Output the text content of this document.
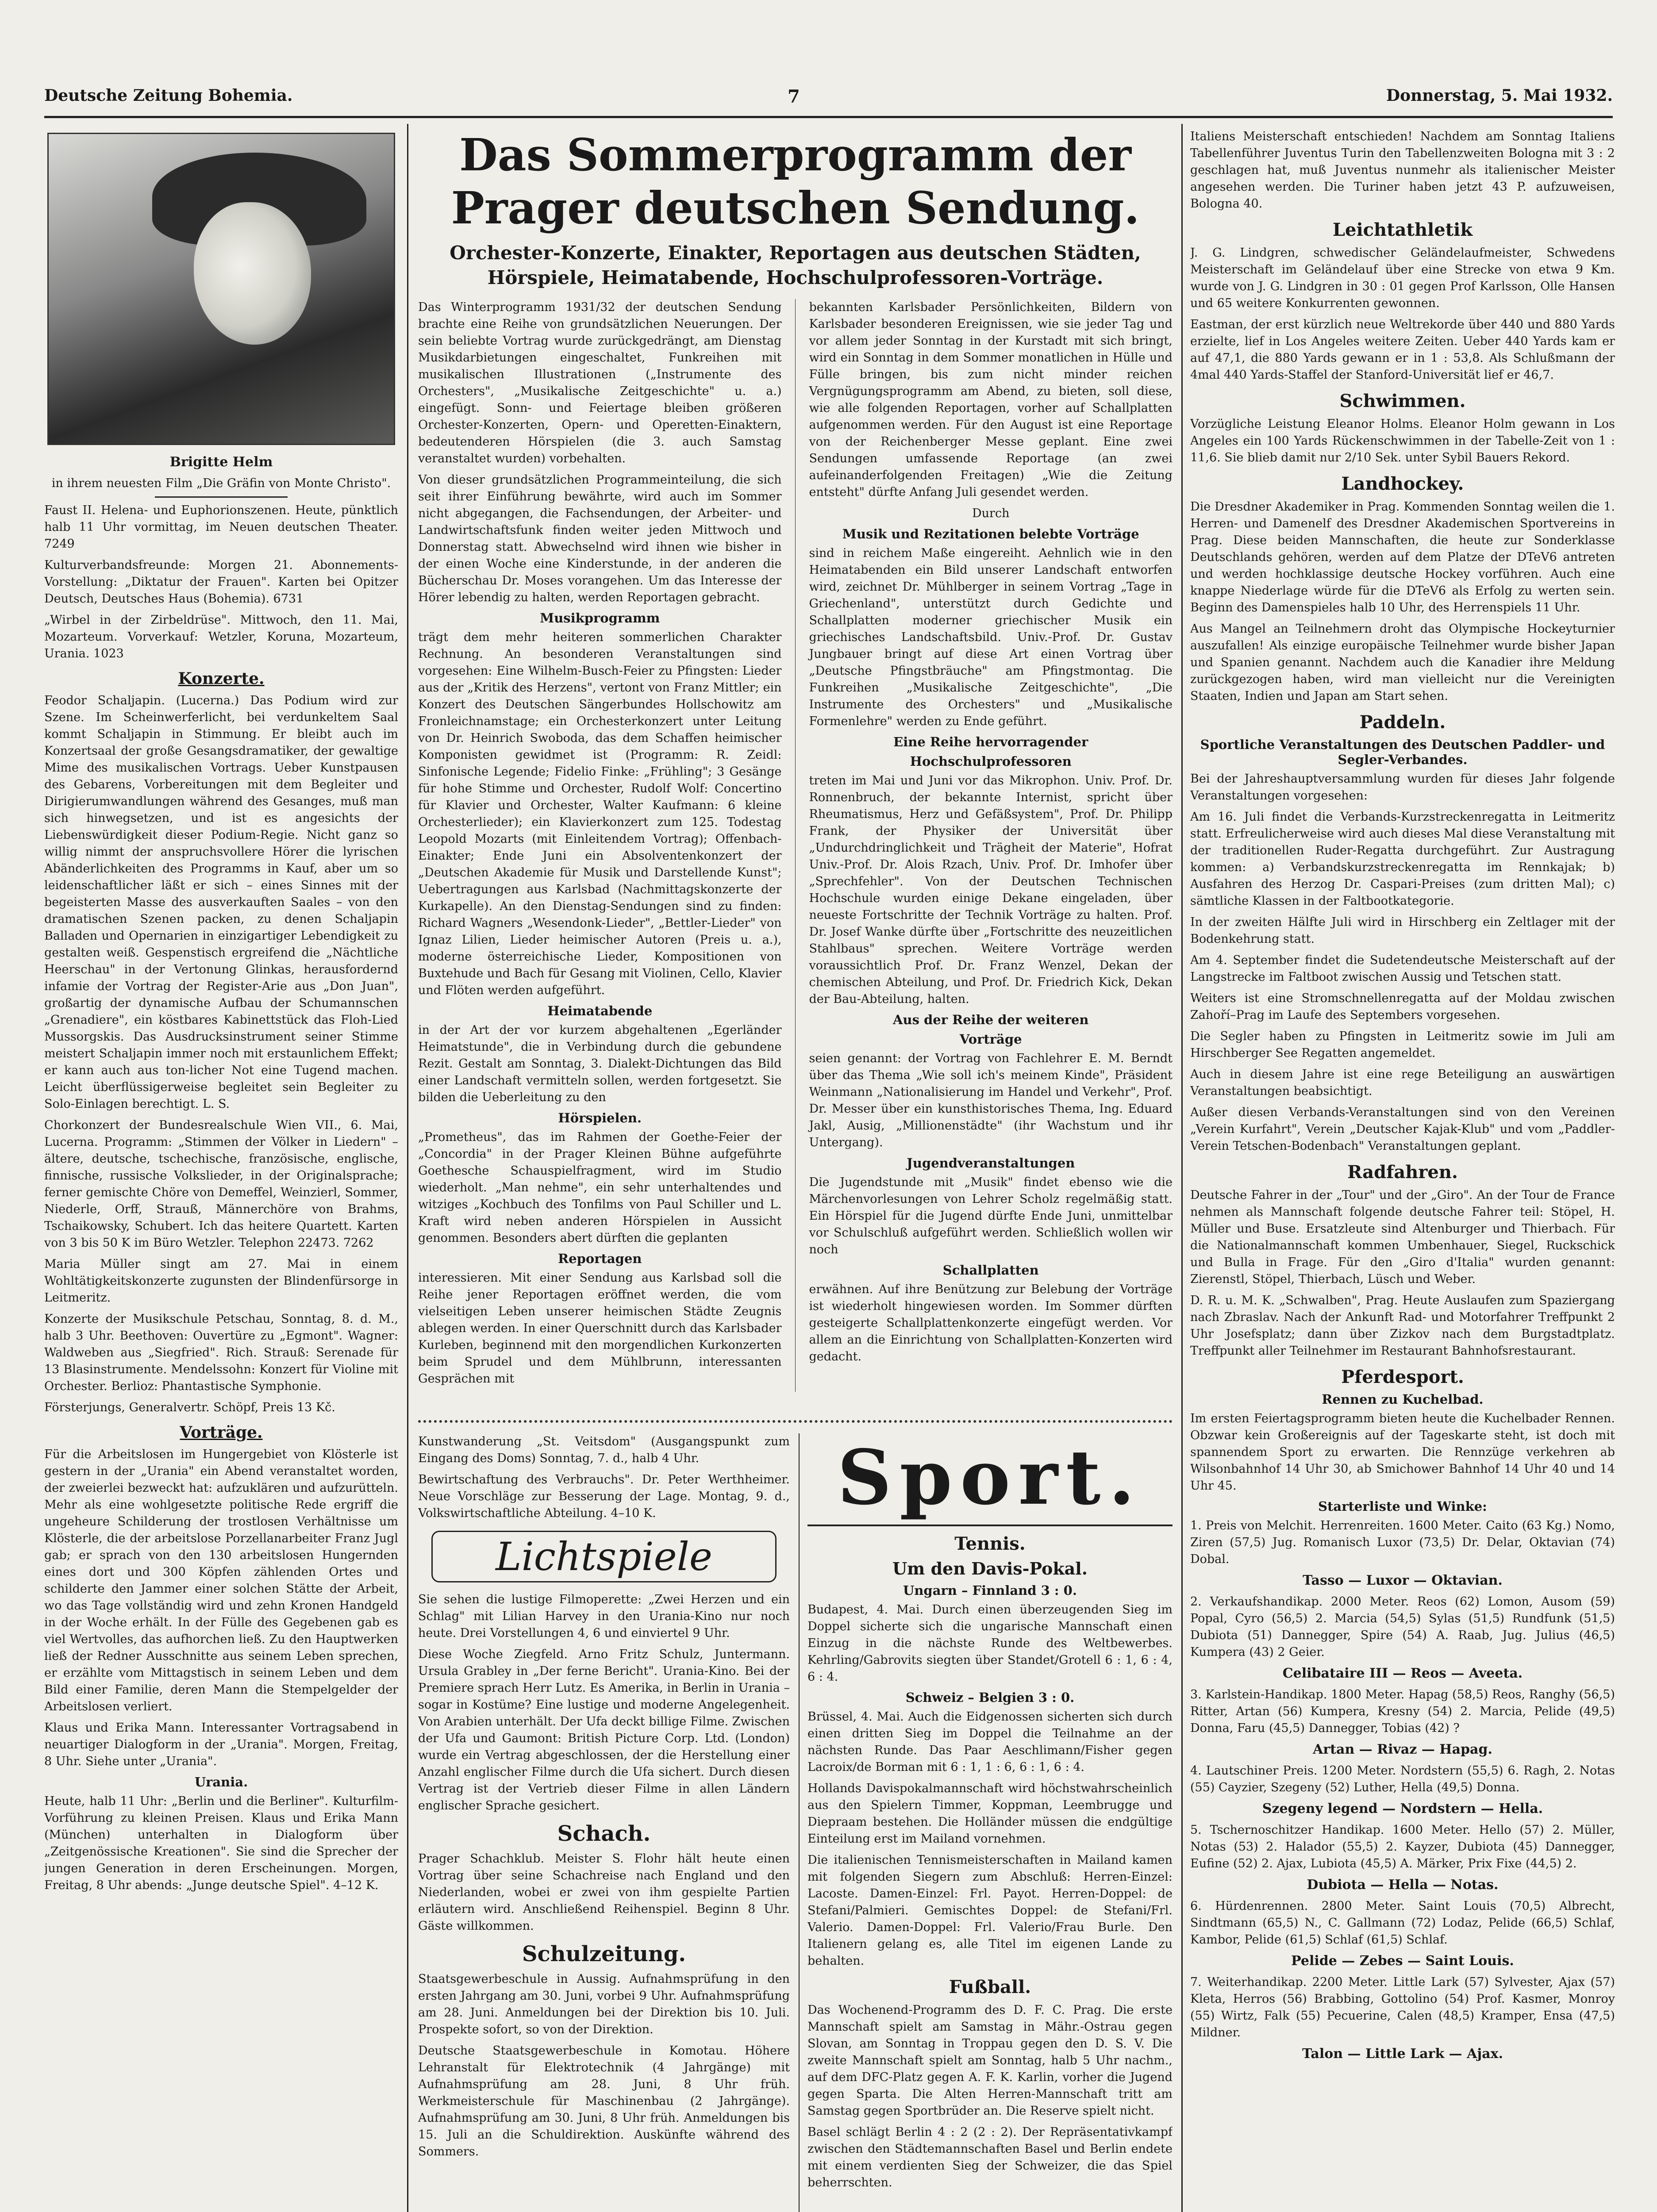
Deutsche Zeitung Bohemia.	7	Donnerstag, 5. Mai 1932.

Brigitte Helm

in ihrem neuesten Film „Die Gräfin von Monte Christo".

Faust II. Helena- und Euphorionszenen. Heute, pünktlich halb 11 Uhr vormittag, im Neuen deutschen Theater. 7249

Kulturverbandsfreunde: Morgen 21. Abonnements-Vorstellung: „Diktatur der Frauen". Karten bei Opitzer Deutsch, Deutsches Haus (Bohemia). 6731

„Wirbel in der Zirbeldrüse". Mittwoch, den 11. Mai, Mozarteum. Vorverkauf: Wetzler, Koruna, Mozarteum, Urania. 1023

Konzerte.

Feodor Schaljapin. (Lucerna.) Das Podium wird zur Szene. Im Scheinwerferlicht, bei verdunkeltem Saal kommt Schaljapin in Stimmung. Er bleibt auch im Konzertsaal der große Gesangsdramatiker, der gewaltige Mime des musikalischen Vortrags. Ueber Kunstpausen des Gebarens, Vorbereitungen mit dem Begleiter und Dirigierumwandlungen während des Gesanges, muß man sich hinwegsetzen, und ist es angesichts der Liebenswürdigkeit dieser Podium-Regie. Nicht ganz so willig nimmt der anspruchsvollere Hörer die lyrischen Abänderlichkeiten des Programms in Kauf, aber um so leidenschaftlicher läßt er sich – eines Sinnes mit der begeisterten Masse des ausverkauften Saales – von den dramatischen Szenen packen, zu denen Schaljapin Balladen und Opernarien in einzigartiger Lebendigkeit zu gestalten weiß. Gespenstisch ergreifend die „Nächtliche Heerschau" in der Vertonung Glinkas, herausfordernd infamie der Vortrag der Register-Arie aus „Don Juan", großartig der dynamische Aufbau der Schumannschen „Grenadiere", ein köstbares Kabinettstück das Floh-Lied Mussorgskis. Das Ausdrucksinstrument seiner Stimme meistert Schaljapin immer noch mit erstaunlichem Effekt; er kann auch aus ton-licher Not eine Tugend machen. Leicht überflüssigerweise begleitet sein Begleiter zu Solo-Einlagen berechtigt. L. S.

Chorkonzert der Bundesrealschule Wien VII., 6. Mai, Lucerna. Programm: „Stimmen der Völker in Liedern" – ältere, deutsche, tschechische, französische, englische, finnische, russische Volkslieder, in der Originalsprache; ferner gemischte Chöre von Demeffel, Weinzierl, Sommer, Niederle, Orff, Strauß, Männerchöre von Brahms, Tschaikowsky, Schubert. Ich das heitere Quartett. Karten von 3 bis 50 K im Büro Wetzler. Telephon 22473. 7262

Maria Müller singt am 27. Mai in einem Wohltätigkeitskonzerte zugunsten der Blindenfürsorge in Leitmeritz.

Konzerte der Musikschule Petschau, Sonntag, 8. d. M., halb 3 Uhr. Beethoven: Ouvertüre zu „Egmont". Wagner: Waldweben aus „Siegfried". Rich. Strauß: Serenade für 13 Blasinstrumente. Mendelssohn: Konzert für Violine mit Orchester. Berlioz: Phantastische Symphonie.

Försterjungs, Generalvertr. Schöpf, Preis 13 Kč.

Vorträge.

Für die Arbeitslosen im Hungergebiet von Klösterle ist gestern in der „Urania" ein Abend veranstaltet worden, der zweierlei bezweckt hat: aufzuklären und aufzurütteln. Mehr als eine wohlgesetzte politische Rede ergriff die ungeheure Schilderung der trostlosen Verhältnisse um Klösterle, die der arbeitslose Porzellanarbeiter Franz Jugl gab; er sprach von den 130 arbeitslosen Hungernden eines dort und 300 Köpfen zählenden Ortes und schilderte den Jammer einer solchen Stätte der Arbeit, wo das Tage vollständig wird und zehn Kronen Handgeld in der Woche erhält. In der Fülle des Gegebenen gab es viel Wertvolles, das aufhorchen ließ. Zu den Hauptwerken ließ der Redner Ausschnitte aus seinem Leben sprechen, er erzählte vom Mittagstisch in seinem Leben und dem Bild einer Familie, deren Mann die Stempelgelder der Arbeitslosen verliert.

Klaus und Erika Mann. Interessanter Vortragsabend in neuartiger Dialogform in der „Urania". Morgen, Freitag, 8 Uhr. Siehe unter „Urania".

Urania.

Heute, halb 11 Uhr: „Berlin und die Berliner". Kulturfilm-Vorführung zu kleinen Preisen. Klaus und Erika Mann (München) unterhalten in Dialogform über „Zeitgenössische Kreationen". Sie sind die Sprecher der jungen Generation in deren Erscheinungen. Morgen, Freitag, 8 Uhr abends: „Junge deutsche Spiel". 4–12 K.

Das Sommerprogramm der Prager deutschen Sendung.
Orchester-Konzerte, Einakter, Reportagen aus deutschen Städten, Hörspiele, Heimatabende, Hochschulprofessoren-Vorträge.

Das Winterprogramm 1931/32 der deutschen Sendung brachte eine Reihe von grundsätzlichen Neuerungen. Der sein beliebte Vortrag wurde zurückgedrängt, am Dienstag Musikdarbietungen eingeschaltet, Funkreihen mit musikalischen Illustrationen („Instrumente des Orchesters", „Musikalische Zeitgeschichte" u. a.) eingefügt. Sonn- und Feiertage bleiben größeren Orchester-Konzerten, Opern- und Operetten-Einaktern, bedeutenderen Hörspielen (die 3. auch Samstag veranstaltet wurden) vorbehalten.

Von dieser grundsätzlichen Programmeinteilung, die sich seit ihrer Einführung bewährte, wird auch im Sommer nicht abgegangen, die Fachsendungen, der Arbeiter- und Landwirtschaftsfunk finden weiter jeden Mittwoch und Donnerstag statt. Abwechselnd wird ihnen wie bisher in der einen Woche eine Kinderstunde, in der anderen die Bücherschau Dr. Moses vorangehen. Um das Interesse der Hörer lebendig zu halten, werden Reportagen gebracht.

Musikprogramm

trägt dem mehr heiteren sommerlichen Charakter Rechnung. An besonderen Veranstaltungen sind vorgesehen: Eine Wilhelm-Busch-Feier zu Pfingsten: Lieder aus der „Kritik des Herzens", vertont von Franz Mittler; ein Konzert des Deutschen Sängerbundes Hollschowitz am Fronleichnamstage; ein Orchesterkonzert unter Leitung von Dr. Heinrich Swoboda, das dem Schaffen heimischer Komponisten gewidmet ist (Programm: R. Zeidl: Sinfonische Legende; Fidelio Finke: „Frühling"; 3 Gesänge für hohe Stimme und Orchester, Rudolf Wolf: Concertino für Klavier und Orchester, Walter Kaufmann: 6 kleine Orchesterlieder); ein Klavierkonzert zum 125. Todestag Leopold Mozarts (mit Einleitendem Vortrag); Offenbach-Einakter; Ende Juni ein Absolventenkonzert der „Deutschen Akademie für Musik und Darstellende Kunst"; Uebertragungen aus Karlsbad (Nachmittagskonzerte der Kurkapelle). An den Dienstag-Sendungen sind zu finden: Richard Wagners „Wesendonk-Lieder", „Bettler-Lieder" von Ignaz Lilien, Lieder heimischer Autoren (Preis u. a.), moderne österreichische Lieder, Kompositionen von Buxtehude und Bach für Gesang mit Violinen, Cello, Klavier und Flöten werden aufgeführt.

Heimatabende

in der Art der vor kurzem abgehaltenen „Egerländer Heimatstunde", die in Verbindung durch die gebundene Rezit. Gestalt am Sonntag, 3. Dialekt-Dichtungen das Bild einer Landschaft vermitteln sollen, werden fortgesetzt. Sie bilden die Ueberleitung zu den

Hörspielen.

„Prometheus", das im Rahmen der Goethe-Feier der „Concordia" in der Prager Kleinen Bühne aufgeführte Goethesche Schauspielfragment, wird im Studio wiederholt. „Man nehme", ein sehr unterhaltendes und witziges „Kochbuch des Tonfilms von Paul Schiller und L. Kraft wird neben anderen Hörspielen in Aussicht genommen. Besonders abert dürften die geplanten

Reportagen

interessieren. Mit einer Sendung aus Karlsbad soll die Reihe jener Reportagen eröffnet werden, die vom vielseitigen Leben unserer heimischen Städte Zeugnis ablegen werden. In einer Querschnitt durch das Karlsbader Kurleben, beginnend mit den morgendlichen Kurkonzerten beim Sprudel und dem Mühlbrunn, interessanten Gesprächen mit

bekannten Karlsbader Persönlichkeiten, Bildern von Karlsbader besonderen Ereignissen, wie sie jeder Tag und vor allem jeder Sonntag in der Kurstadt mit sich bringt, wird ein Sonntag in dem Sommer monatlichen in Hülle und Fülle bringen, bis zum nicht minder reichen Vergnügungsprogramm am Abend, zu bieten, soll diese, wie alle folgenden Reportagen, vorher auf Schallplatten aufgenommen werden. Für den August ist eine Reportage von der Reichenberger Messe geplant. Eine zwei Sendungen umfassende Reportage (an zwei aufeinanderfolgenden Freitagen) „Wie die Zeitung entsteht" dürfte Anfang Juli gesendet werden.

Durch

Musik und Rezitationen belebte Vorträge

sind in reichem Maße eingereiht. Aehnlich wie in den Heimatabenden ein Bild unserer Landschaft entworfen wird, zeichnet Dr. Mühlberger in seinem Vortrag „Tage in Griechenland", unterstützt durch Gedichte und Schallplatten moderner griechischer Musik ein griechisches Landschaftsbild. Univ.-Prof. Dr. Gustav Jungbauer bringt auf diese Art einen Vortrag über „Deutsche Pfingstbräuche" am Pfingstmontag. Die Funkreihen „Musikalische Zeitgeschichte", „Die Instrumente des Orchesters" und „Musikalische Formenlehre" werden zu Ende geführt.

Eine Reihe hervorragender
Hochschulprofessoren

treten im Mai und Juni vor das Mikrophon. Univ. Prof. Dr. Ronnenbruch, der bekannte Internist, spricht über Rheumatismus, Herz und Gefäßsystem", Prof. Dr. Philipp Frank, der Physiker der Universität über „Undurchdringlichkeit und Trägheit der Materie", Hofrat Univ.-Prof. Dr. Alois Rzach, Univ. Prof. Dr. Imhofer über „Sprechfehler". Von der Deutschen Technischen Hochschule wurden einige Dekane eingeladen, über neueste Fortschritte der Technik Vorträge zu halten. Prof. Dr. Josef Wanke dürfte über „Fortschritte des neuzeitlichen Stahlbaus" sprechen. Weitere Vorträge werden voraussichtlich Prof. Dr. Franz Wenzel, Dekan der chemischen Abteilung, und Prof. Dr. Friedrich Kick, Dekan der Bau-Abteilung, halten.

Aus der Reihe der weiteren
Vorträge

seien genannt: der Vortrag von Fachlehrer E. M. Berndt über das Thema „Wie soll ich's meinem Kinde", Präsident Weinmann „Nationalisierung im Handel und Verkehr", Prof. Dr. Messer über ein kunsthistorisches Thema, Ing. Eduard Jakl, Ausig, „Millionenstädte" (ihr Wachstum und ihr Untergang).

Jugendveranstaltungen

Die Jugendstunde mit „Musik" findet ebenso wie die Märchenvorlesungen von Lehrer Scholz regelmäßig statt. Ein Hörspiel für die Jugend dürfte Ende Juni, unmittelbar vor Schulschluß aufgeführt werden. Schließlich wollen wir noch

Schallplatten

erwähnen. Auf ihre Benützung zur Belebung der Vorträge ist wiederholt hingewiesen worden. Im Sommer dürften gesteigerte Schallplattenkonzerte eingefügt werden. Vor allem an die Einrichtung von Schallplatten-Konzerten wird gedacht.

Kunstwanderung „St. Veitsdom" (Ausgangspunkt zum Eingang des Doms) Sonntag, 7. d., halb 4 Uhr.

Bewirtschaftung des Verbrauchs". Dr. Peter Werthheimer. Neue Vorschläge zur Besserung der Lage. Montag, 9. d., Volkswirtschaftliche Abteilung. 4–10 K.

Lichtspiele

Sie sehen die lustige Filmoperette: „Zwei Herzen und ein Schlag" mit Lilian Harvey in den Urania-Kino nur noch heute. Drei Vorstellungen 4, 6 und einviertel 9 Uhr.

Diese Woche Ziegfeld. Arno Fritz Schulz, Juntermann. Ursula Grabley in „Der ferne Bericht". Urania-Kino. Bei der Premiere sprach Herr Lutz. Es Amerika, in Berlin in Urania – sogar in Kostüme? Eine lustige und moderne Angelegenheit. Von Arabien unterhält. Der Ufa deckt billige Filme. Zwischen der Ufa und Gaumont: British Picture Corp. Ltd. (London) wurde ein Vertrag abgeschlossen, der die Herstellung einer Anzahl englischer Filme durch die Ufa sichert. Durch diesen Vertrag ist der Vertrieb dieser Filme in allen Ländern englischer Sprache gesichert.

Schach.

Prager Schachklub. Meister S. Flohr hält heute einen Vortrag über seine Schachreise nach England und den Niederlanden, wobei er zwei von ihm gespielte Partien erläutern wird. Anschließend Reihenspiel. Beginn 8 Uhr. Gäste willkommen.

Schulzeitung.

Staatsgewerbeschule in Aussig. Aufnahmsprüfung in den ersten Jahrgang am 30. Juni, vorbei 9 Uhr. Aufnahmsprüfung am 28. Juni. Anmeldungen bei der Direktion bis 10. Juli. Prospekte sofort, so von der Direktion.

Deutsche Staatsgewerbeschule in Komotau. Höhere Lehranstalt für Elektrotechnik (4 Jahrgänge) mit Aufnahmsprüfung am 28. Juni, 8 Uhr früh. Werkmeisterschule für Maschinenbau (2 Jahrgänge). Aufnahmsprüfung am 30. Juni, 8 Uhr früh. Anmeldungen bis 15. Juli an die Schuldirektion. Auskünfte während des Sommers.

Sport.
Tennis.
Um den Davis-Pokal.
Ungarn – Finnland 3 : 0.

Budapest, 4. Mai. Durch einen überzeugenden Sieg im Doppel sicherte sich die ungarische Mannschaft einen Einzug in die nächste Runde des Weltbewerbes. Kehrling/Gabrovits siegten über Standet/Grotell 6 : 1, 6 : 4, 6 : 4.

Schweiz – Belgien 3 : 0.

Brüssel, 4. Mai. Auch die Eidgenossen sicherten sich durch einen dritten Sieg im Doppel die Teilnahme an der nächsten Runde. Das Paar Aeschlimann/Fisher gegen Lacroix/de Borman mit 6 : 1, 1 : 6, 6 : 1, 6 : 4.

Hollands Davispokalmannschaft wird höchstwahrscheinlich aus den Spielern Timmer, Koppman, Leembrugge und Diepraam bestehen. Die Holländer müssen die endgültige Einteilung erst im Mailand vornehmen.

Die italienischen Tennismeisterschaften in Mailand kamen mit folgenden Siegern zum Abschluß: Herren-Einzel: Lacoste. Damen-Einzel: Frl. Payot. Herren-Doppel: de Stefani/Palmieri. Gemischtes Doppel: de Stefani/Frl. Valerio. Damen-Doppel: Frl. Valerio/Frau Burle. Den Italienern gelang es, alle Titel im eigenen Lande zu behalten.

Fußball.

Das Wochenend-Programm des D. F. C. Prag. Die erste Mannschaft spielt am Samstag in Mähr.-Ostrau gegen Slovan, am Sonntag in Troppau gegen den D. S. V. Die zweite Mannschaft spielt am Sonntag, halb 5 Uhr nachm., auf dem DFC-Platz gegen A. F. K. Karlin, vorher die Jugend gegen Sparta. Die Alten Herren-Mannschaft tritt am Samstag gegen Sportbrüder an. Die Reserve spielt nicht.

Basel schlägt Berlin 4 : 2 (2 : 2). Der Repräsentativkampf zwischen den Städtemannschaften Basel und Berlin endete mit einem verdienten Sieg der Schweizer, die das Spiel beherrschten.

Italiens Meisterschaft entschieden! Nachdem am Sonntag Italiens Tabellenführer Juventus Turin den Tabellenzweiten Bologna mit 3 : 2 geschlagen hat, muß Juventus nunmehr als italienischer Meister angesehen werden. Die Turiner haben jetzt 43 P. aufzuweisen, Bologna 40.

Leichtathletik

J. G. Lindgren, schwedischer Geländelaufmeister, Schwedens Meisterschaft im Geländelauf über eine Strecke von etwa 9 Km. wurde von J. G. Lindgren in 30 : 01 gegen Prof Karlsson, Olle Hansen und 65 weitere Konkurrenten gewonnen.

Eastman, der erst kürzlich neue Weltrekorde über 440 und 880 Yards erzielte, lief in Los Angeles weitere Zeiten. Ueber 440 Yards kam er auf 47,1, die 880 Yards gewann er in 1 : 53,8. Als Schlußmann der 4mal 440 Yards-Staffel der Stanford-Universität lief er 46,7.

Schwimmen.

Vorzügliche Leistung Eleanor Holms. Eleanor Holm gewann in Los Angeles ein 100 Yards Rückenschwimmen in der Tabelle-Zeit von 1 : 11,6. Sie blieb damit nur 2/10 Sek. unter Sybil Bauers Rekord.

Landhockey.

Die Dresdner Akademiker in Prag. Kommenden Sonntag weilen die 1. Herren- und Damenelf des Dresdner Akademischen Sportvereins in Prag. Diese beiden Mannschaften, die heute zur Sonderklasse Deutschlands gehören, werden auf dem Platze der DTeV6 antreten und werden hochklassige deutsche Hockey vorführen. Auch eine knappe Niederlage würde für die DTeV6 als Erfolg zu werten sein. Beginn des Damenspieles halb 10 Uhr, des Herrenspiels 11 Uhr.

Aus Mangel an Teilnehmern droht das Olympische Hockeyturnier auszufallen! Als einzige europäische Teilnehmer wurde bisher Japan und Spanien genannt. Nachdem auch die Kanadier ihre Meldung zurückgezogen haben, wird man vielleicht nur die Vereinigten Staaten, Indien und Japan am Start sehen.

Paddeln.
Sportliche Veranstaltungen des Deutschen Paddler- und Segler-Verbandes.

Bei der Jahreshauptversammlung wurden für dieses Jahr folgende Veranstaltungen vorgesehen:

Am 16. Juli findet die Verbands-Kurzstreckenregatta in Leitmeritz statt. Erfreulicherweise wird auch dieses Mal diese Veranstaltung mit der traditionellen Ruder-Regatta durchgeführt. Zur Austragung kommen: a) Verbandskurzstreckenregatta im Rennkajak; b) Ausfahren des Herzog Dr. Caspari-Preises (zum dritten Mal); c) sämtliche Klassen in der Faltbootkategorie.

In der zweiten Hälfte Juli wird in Hirschberg ein Zeltlager mit der Bodenkehrung statt.

Am 4. September findet die Sudetendeutsche Meisterschaft auf der Langstrecke im Faltboot zwischen Aussig und Tetschen statt.

Weiters ist eine Stromschnellenregatta auf der Moldau zwischen Zahoří–Prag im Laufe des Septembers vorgesehen.

Die Segler haben zu Pfingsten in Leitmeritz sowie im Juli am Hirschberger See Regatten angemeldet.

Auch in diesem Jahre ist eine rege Beteiligung an auswärtigen Veranstaltungen beabsichtigt.

Außer diesen Verbands-Veranstaltungen sind von den Vereinen „Verein Kurfahrt", Verein „Deutscher Kajak-Klub" und vom „Paddler-Verein Tetschen-Bodenbach" Veranstaltungen geplant.

Radfahren.

Deutsche Fahrer in der „Tour" und der „Giro". An der Tour de France nehmen als Mannschaft folgende deutsche Fahrer teil: Stöpel, H. Müller und Buse. Ersatzleute sind Altenburger und Thierbach. Für die Nationalmannschaft kommen Umbenhauer, Siegel, Ruckschick und Bulla in Frage. Für den „Giro d'Italia" wurden genannt: Zierenstl, Stöpel, Thierbach, Lüsch und Weber.

D. R. u. M. K. „Schwalben", Prag. Heute Auslaufen zum Spaziergang nach Zbraslav. Nach der Ankunft Rad- und Motorfahrer Treffpunkt 2 Uhr Josefsplatz; dann über Zizkov nach dem Burgstadtplatz. Treffpunkt aller Teilnehmer im Restaurant Bahnhofsrestaurant.

Pferdesport.
Rennen zu Kuchelbad.

Im ersten Feiertagsprogramm bieten heute die Kuchelbader Rennen. Obzwar kein Großereignis auf der Tageskarte steht, ist doch mit spannendem Sport zu erwarten. Die Rennzüge verkehren ab Wilsonbahnhof 14 Uhr 30, ab Smichower Bahnhof 14 Uhr 40 und 14 Uhr 45.

Starterliste und Winke:

1. Preis von Melchit. Herrenreiten. 1600 Meter. Caito (63 Kg.) Nomo, Ziren (57,5) Jug. Romanisch Luxor (73,5) Dr. Delar, Oktavian (74) Dobal.

Tasso — Luxor — Oktavian.

2. Verkaufshandikap. 2000 Meter. Reos (62) Lomon, Ausom (59) Popal, Cyro (56,5) 2. Marcia (54,5) Sylas (51,5) Rundfunk (51,5) Dubiota (51) Dannegger, Spire (54) A. Raab, Jug. Julius (46,5) Kumpera (43) 2 Geier.

Celibataire III — Reos — Aveeta.

3. Karlstein-Handikap. 1800 Meter. Hapag (58,5) Reos, Ranghy (56,5) Ritter, Artan (56) Kumpera, Kresny (54) 2. Marcia, Pelide (49,5) Donna, Faru (45,5) Dannegger, Tobias (42) ?

Artan — Rivaz — Hapag.

4. Lautschiner Preis. 1200 Meter. Nordstern (55,5) 6. Ragh, 2. Notas (55) Cayzier, Szegeny (52) Luther, Hella (49,5) Donna.

Szegeny legend — Nordstern — Hella.

5. Tschernoschitzer Handikap. 1600 Meter. Hello (57) 2. Müller, Notas (53) 2. Halador (55,5) 2. Kayzer, Dubiota (45) Dannegger, Eufine (52) 2. Ajax, Lubiota (45,5) A. Märker, Prix Fixe (44,5) 2.

Dubiota — Hella — Notas.

6. Hürdenrennen. 2800 Meter. Saint Louis (70,5) Albrecht, Sindtmann (65,5) N., C. Gallmann (72) Lodaz, Pelide (66,5) Schlaf, Kambor, Pelide (61,5) Schlaf (61,5) Schlaf.

Pelide — Zebes — Saint Louis.

7. Weiterhandikap. 2200 Meter. Little Lark (57) Sylvester, Ajax (57) Kleta, Herros (56) Brabbing, Gottolino (54) Prof. Kasmer, Monroy (55) Wirtz, Falk (55) Pecuerine, Calen (48,5) Kramper, Ensa (47,5) Mildner.

Talon — Little Lark — Ajax.
